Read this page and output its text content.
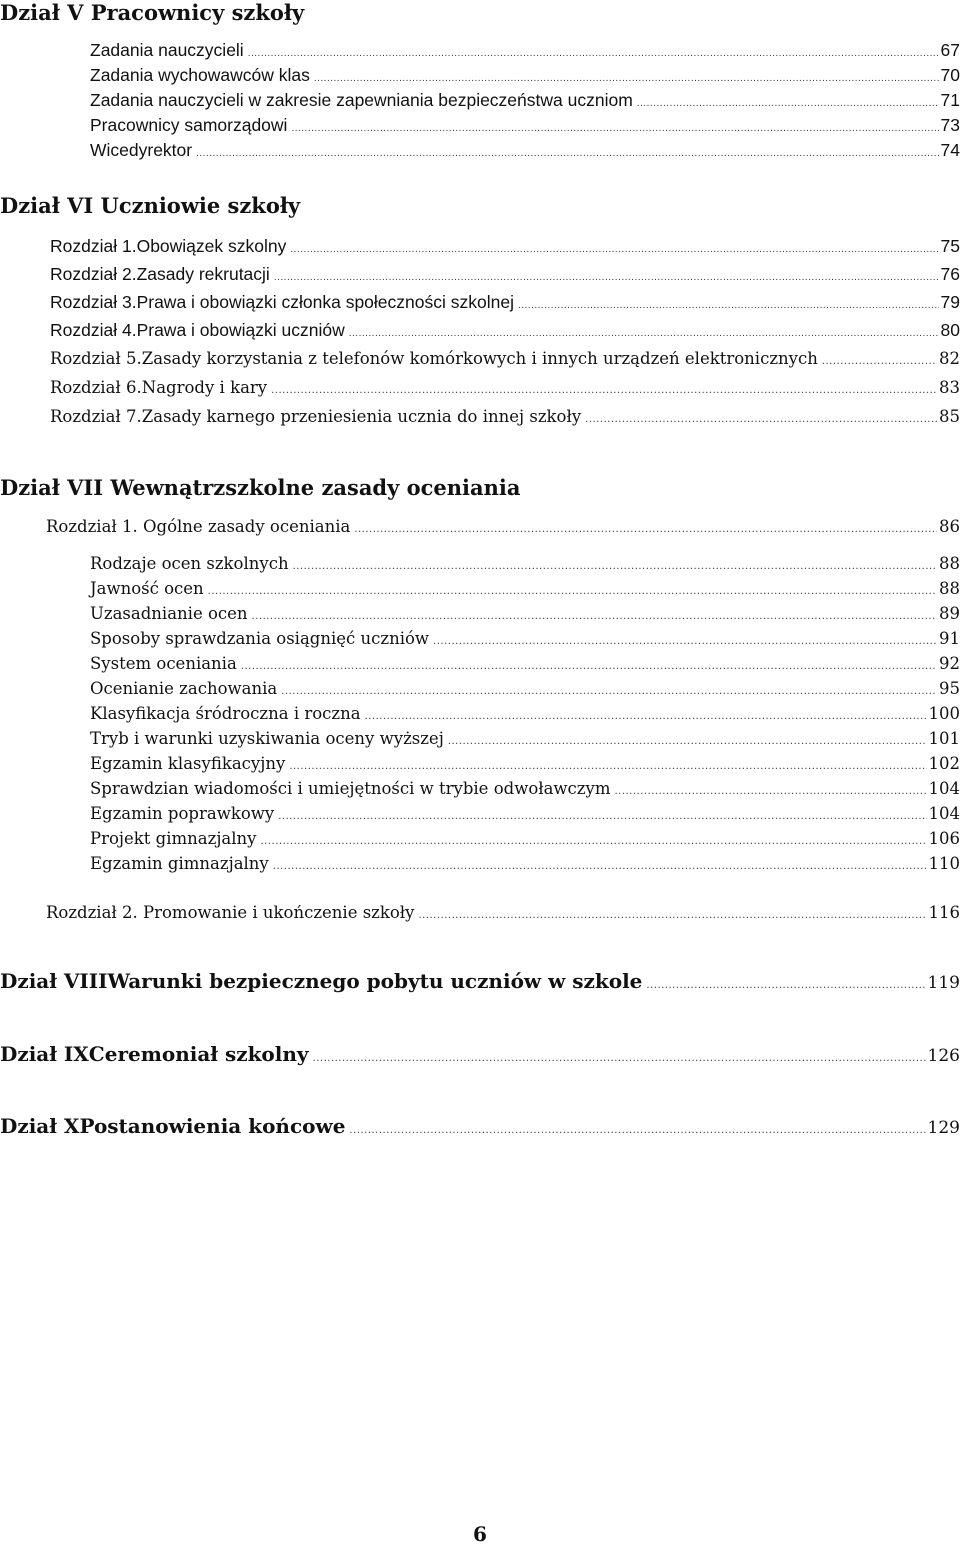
Dział V Pracownicy szkoły
Zadania nauczycieli .....	67
Zadania wychowawców klas .....	70
Zadania nauczycieli w zakresie zapewniania bezpieczeństwa uczniom .....	71
Pracownicy samorządowi .....	73
Wicedyrektor .....	74
Dział VI Uczniowie szkoły
Rozdział 1. Obowiązek szkolny .....	75
Rozdział 2. Zasady rekrutacji .....	76
Rozdział 3. Prawa i obowiązki członka społeczności szkolnej .....	79
Rozdział 4. Prawa i obowiązki uczniów .....	80
Rozdział 5. Zasady korzystania z telefonów komórkowych i innych urządzeń elektronicznych .....	82
Rozdział 6. Nagrody i kary .....	83
Rozdział 7. Zasady karnego przeniesienia ucznia do innej szkoły .....	85
Dział VII Wewnątrzszkolne zasady oceniania
Rozdział 1. Ogólne zasady oceniania .....	86
Rodzaje ocen szkolnych .....	88
Jawność ocen .....	88
Uzasadnianie ocen .....	89
Sposoby sprawdzania osiągnięć uczniów .....	91
System oceniania .....	92
Ocenianie zachowania .....	95
Klasyfikacja śródroczna i roczna .....	100
Tryb i warunki uzyskiwania oceny wyższej .....	101
Egzamin klasyfikacyjny .....	102
Sprawdzian wiadomości i umiejętności w trybie odwoławczym .....	104
Egzamin poprawkowy .....	104
Projekt gimnazjalny .....	106
Egzamin gimnazjalny .....	110
Rozdział 2. Promowanie i ukończenie szkoły .....	116
Dział VIII Warunki bezpiecznego pobytu uczniów w szkole .....	119
Dział IX Ceremoniał szkolny .....	126
Dział X Postanowienia końcowe .....	129
6
